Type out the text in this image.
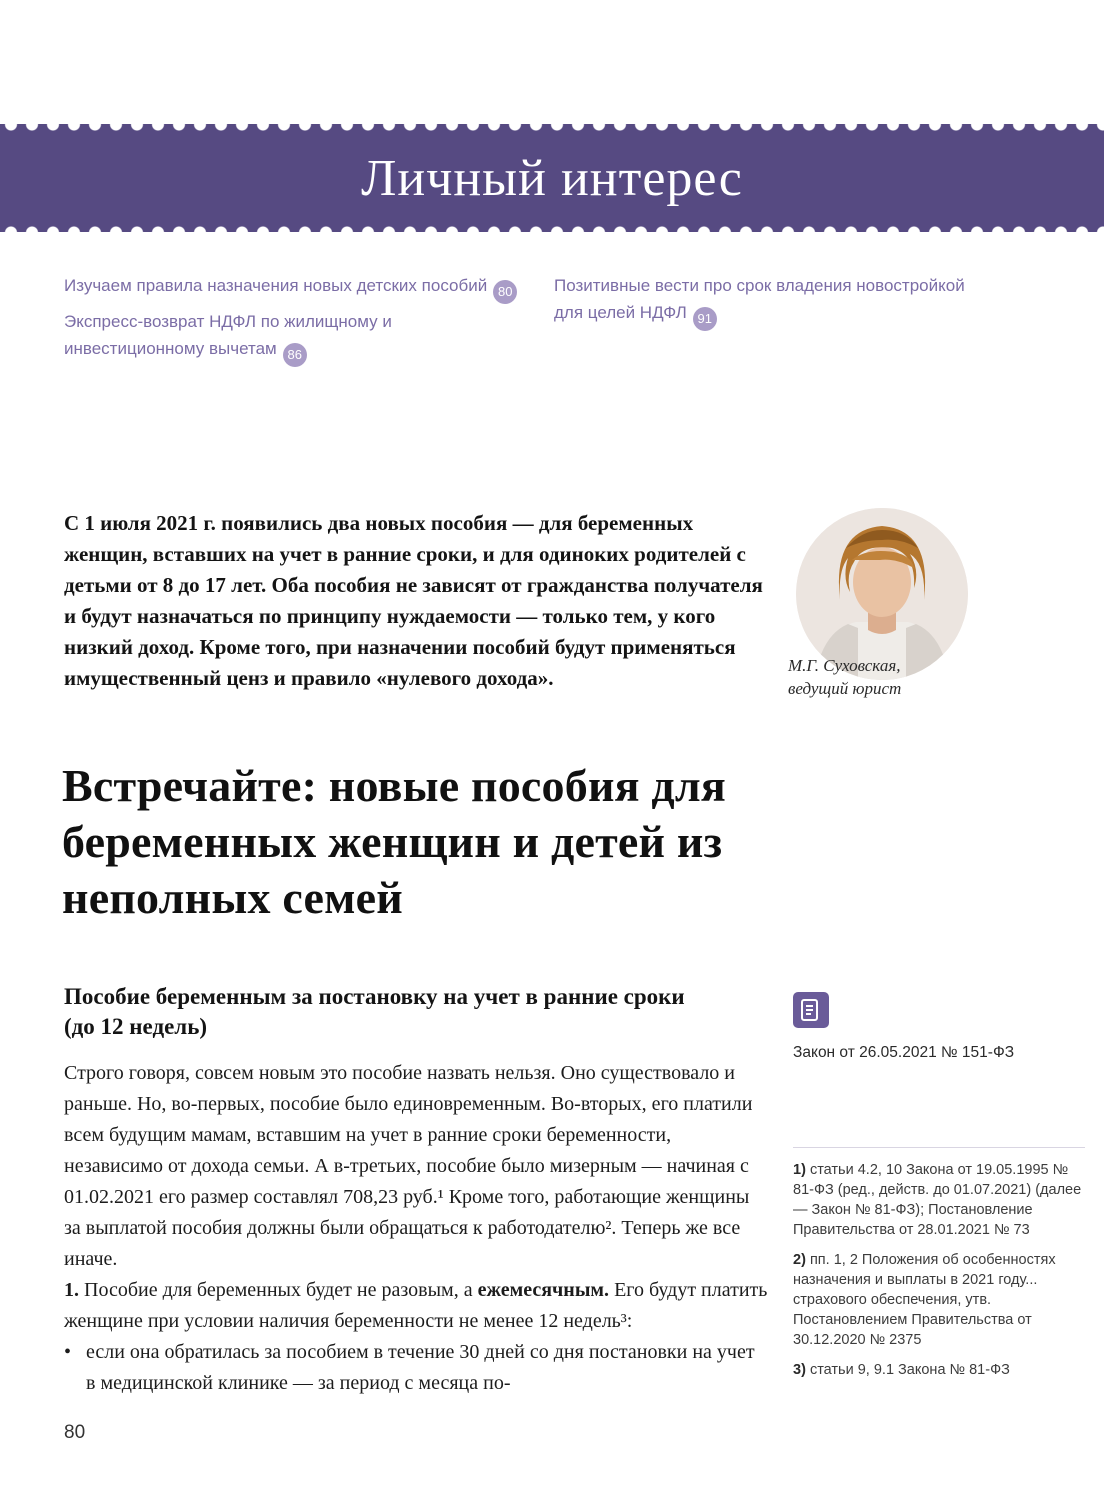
Личный интерес

Изучаем правила назначения новых детских пособий 80

Экспресс-возврат НДФЛ по жилищному и инвестиционному вычетам 86

Позитивные вести про срок владения новостройкой для целей НДФЛ 91

С 1 июля 2021 г. появились два новых пособия — для беременных женщин, вставших на учет в ранние сроки, и для одиноких родителей с детьми от 8 до 17 лет. Оба пособия не зависят от гражданства получателя и будут назначаться по принципу нуждаемости — только тем, у кого низкий доход. Кроме того, при назначении пособий будут применяться имущественный ценз и правило «нулевого дохода».
М.Г. Суховская,
ведущий юрист
Встречайте: новые пособия для беременных женщин и детей из неполных семей
Пособие беременным за постановку на учет в ранние сроки (до 12 недель)

Строго говоря, совсем новым это пособие назвать нельзя. Оно существовало и раньше. Но, во-первых, пособие было единовременным. Во-вторых, его платили всем будущим мамам, вставшим на учет в ранние сроки беременности, независимо от дохода семьи. А в-третьих, пособие было мизерным — начиная с 01.02.2021 его размер составлял 708,23 руб.¹ Кроме того, работающие женщины за выплатой пособия должны были обращаться к работодателю². Теперь же все иначе.

1. Пособие для беременных будет не разовым, а ежемесячным. Его будут платить женщине при условии наличия беременности не менее 12 недель³:

• если она обратилась за пособием в течение 30 дней со дня постановки на учет в медицинской клинике — за период с месяца по-
Закон от 26.05.2021 № 151-ФЗ

1) статьи 4.2, 10 Закона от 19.05.1995 № 81-ФЗ (ред., действ. до 01.07.2021) (далее — Закон № 81-ФЗ); Постановление Правительства от 28.01.2021 № 73

2) пп. 1, 2 Положения об особенностях назначения и выплаты в 2021 году... страхового обеспечения, утв. Постановлением Правительства от 30.12.2020 № 2375

3) статьи 9, 9.1 Закона № 81-ФЗ

80
